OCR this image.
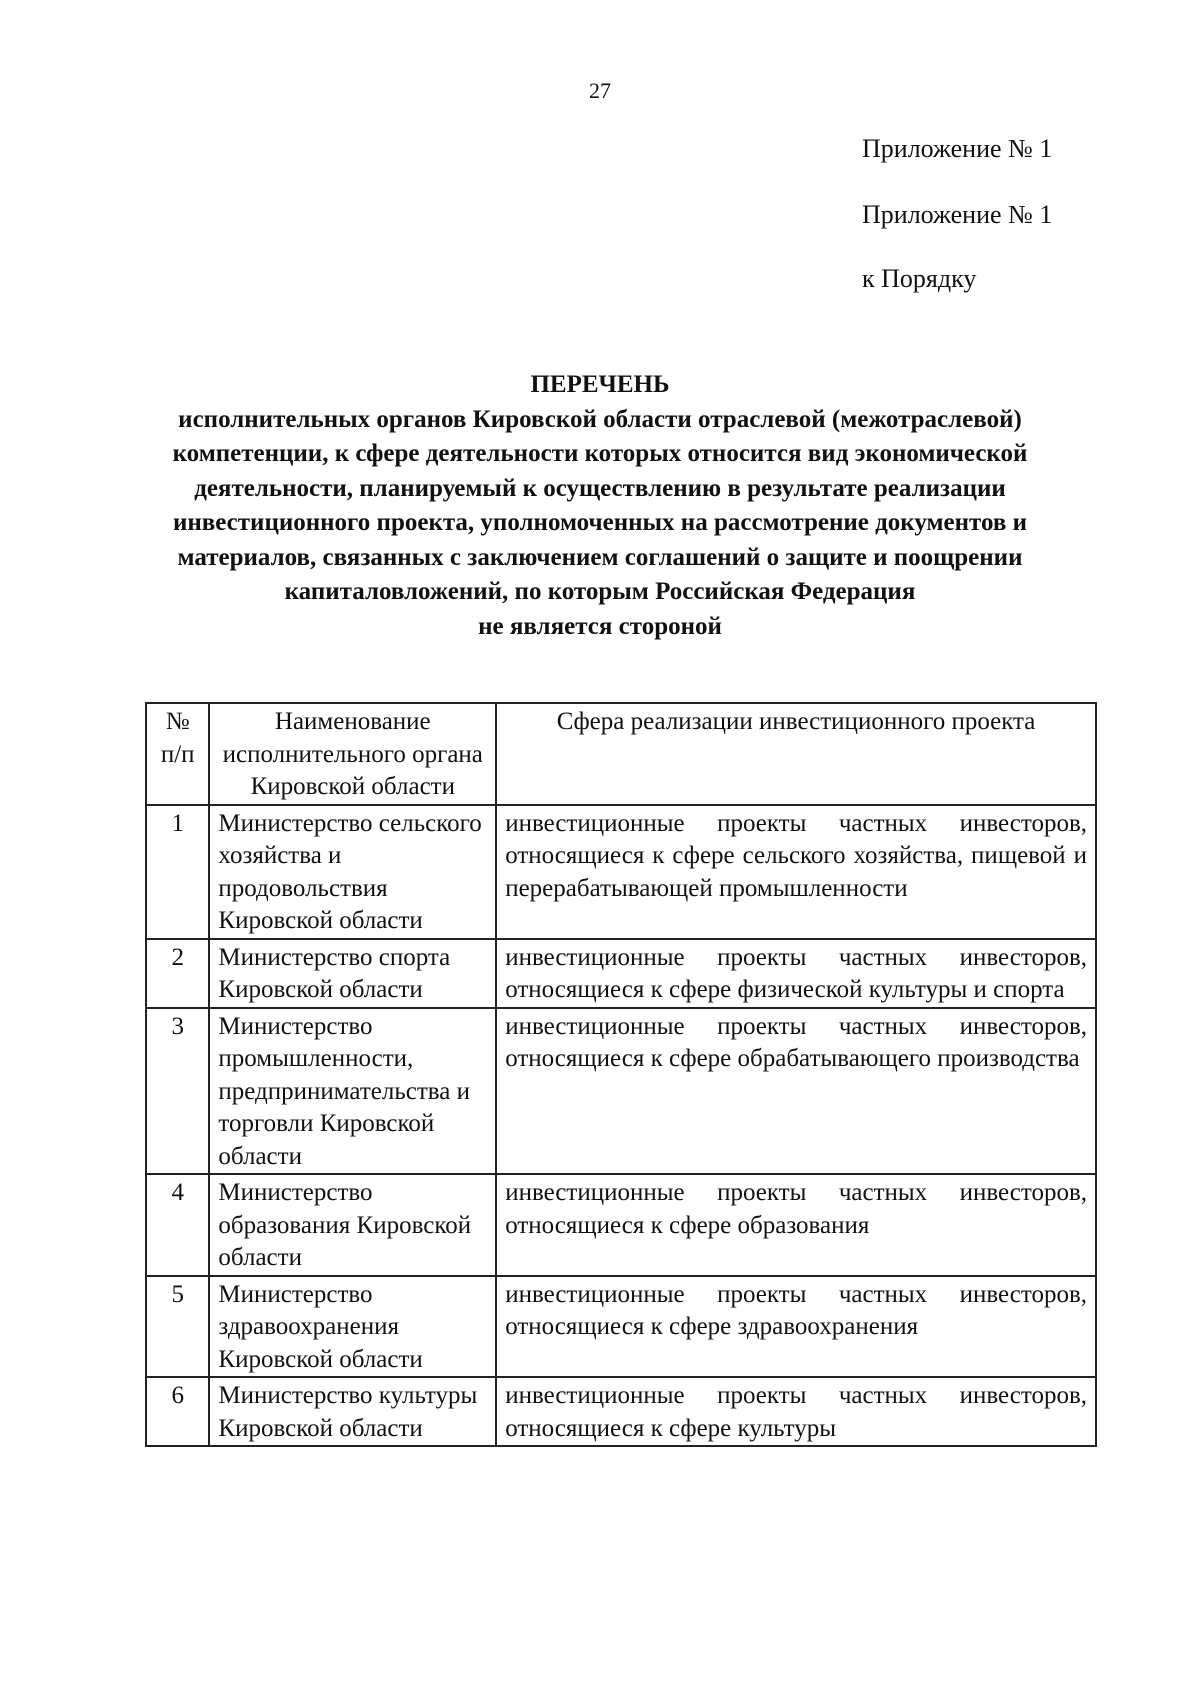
27
Приложение № 1
Приложение № 1
к Порядку
ПЕРЕЧЕНЬ
исполнительных органов Кировской области отраслевой (межотраслевой)
компетенции, к сфере деятельности которых относится вид экономической
деятельности, планируемый к осуществлению в результате реализации
инвестиционного проекта, уполномоченных на рассмотрение документов и
материалов, связанных с заключением соглашений о защите и поощрении
капиталовложений, по которым Российская Федерация
не является стороной
№ п/п	Наименование исполнительного органа Кировской области	Сфера реализации инвестиционного проекта
1	Министерство сельского хозяйства и продовольствия Кировской области	инвестиционные проекты частных инвесторов, относящиеся к сфере сельского хозяйства, пищевой и перерабатывающей промышленности
2	Министерство спорта Кировской области	инвестиционные проекты частных инвесторов, относящиеся к сфере физической культуры и спорта
3	Министерство промышленности, предпринимательства и торговли Кировской области	инвестиционные проекты частных инвесторов, относящиеся к сфере обрабатывающего производства
4	Министерство образования Кировской области	инвестиционные проекты частных инвесторов, относящиеся к сфере образования
5	Министерство здравоохранения Кировской области	инвестиционные проекты частных инвесторов, относящиеся к сфере здравоохранения
6	Министерство культуры Кировской области	инвестиционные проекты частных инвесторов, относящиеся к сфере культуры
